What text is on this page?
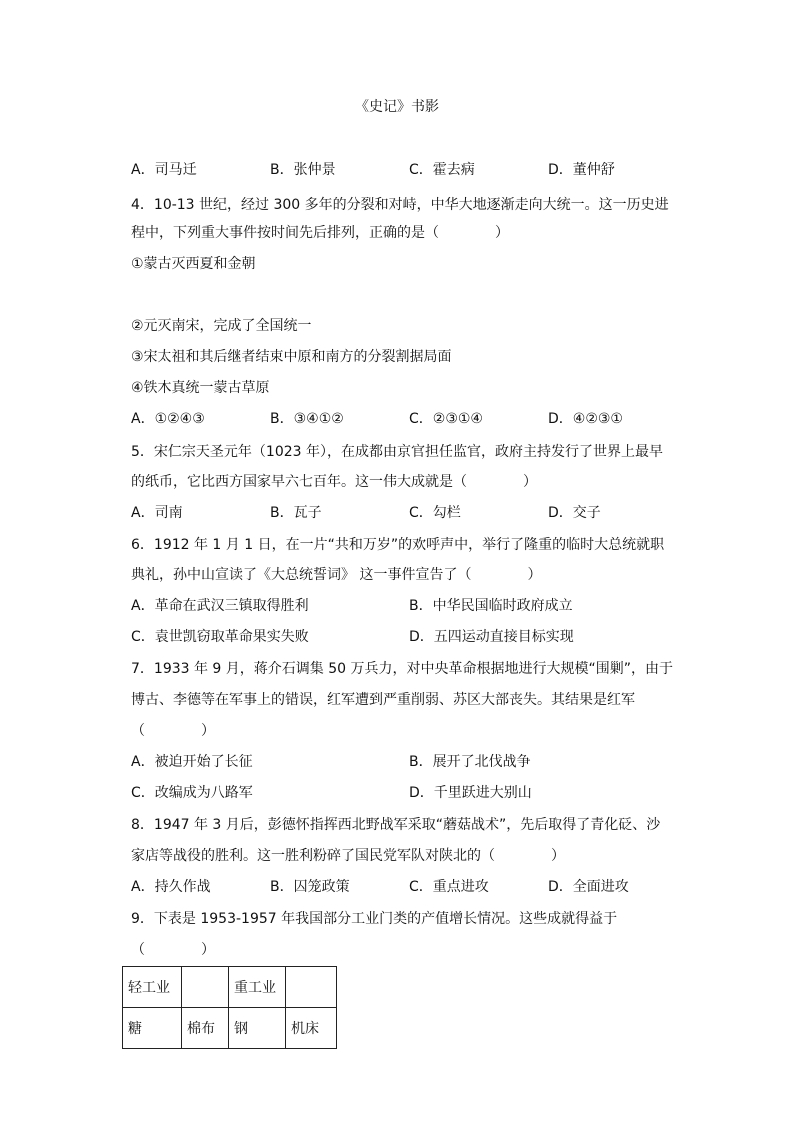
《史记》书影
A．司马迁	B．张仲景	C．霍去病	D．董仲舒
4．10-13 世纪，经过 300 多年的分裂和对峙，中华大地逐渐走向大统一。这一历史进
程中，下列重大事件按时间先后排列，正确的是（　　　　）
①蒙古灭西夏和金朝
②元灭南宋，完成了全国统一
③宋太祖和其后继者结束中原和南方的分裂割据局面
④铁木真统一蒙古草原
A．①②④③	B．③④①②	C．②③①④	D．④②③①
5．宋仁宗天圣元年（1023 年），在成都由京官担任监官，政府主持发行了世界上最早
的纸币，它比西方国家早六七百年。这一伟大成就是（　　　　）
A．司南	B．瓦子	C．勾栏	D．交子
6．1912 年 1 月 1 日，在一片“共和万岁”的欢呼声中，举行了隆重的临时大总统就职
典礼，孙中山宣读了《大总统誓词》 这一事件宣告了（　　　　）
A．革命在武汉三镇取得胜利	B．中华民国临时政府成立
C．袁世凯窃取革命果实失败	D．五四运动直接目标实现
7．1933 年 9 月，蒋介石调集 50 万兵力，对中央革命根据地进行大规模“围剿”，由于
博古、李德等在军事上的错误，红军遭到严重削弱、苏区大部丧失。其结果是红军
（　　　　）
A．被迫开始了长征	B．展开了北伐战争
C．改编成为八路军	D．千里跃进大别山
8．1947 年 3 月后，彭德怀指挥西北野战军采取“蘑菇战术”，先后取得了青化砭、沙
家店等战役的胜利。这一胜利粉碎了国民党军队对陕北的（　　　　）
A．持久作战	B．囚笼政策	C．重点进攻	D．全面进攻
9．下表是 1953-1957 年我国部分工业门类的产值增长情况。这些成就得益于
（　　　　）
轻工业		重工业	
糖	棉布	钢	机床
